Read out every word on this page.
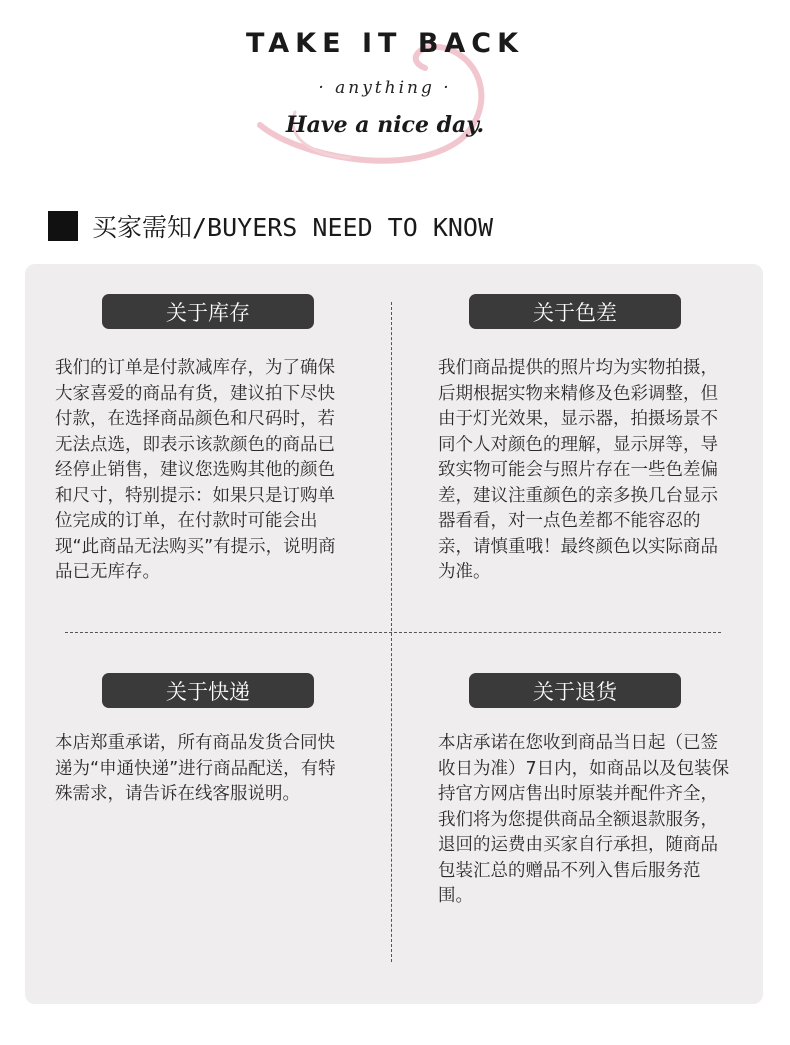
TAKE IT BACK
· anything ·
Have a nice day.
买家需知/BUYERS NEED TO KNOW
关于库存

我们的订单是付款减库存，为了确保大家喜爱的商品有货，建议拍下尽快付款，在选择商品颜色和尺码时，若无法点选，即表示该款颜色的商品已经停止销售，建议您选购其他的颜色和尺寸，特别提示：如果只是订购单位完成的订单，在付款时可能会出现“此商品无法购买”有提示，说明商品已无库存。

关于色差

我们商品提供的照片均为实物拍摄，后期根据实物来精修及色彩调整，但由于灯光效果，显示器，拍摄场景不同个人对颜色的理解，显示屏等，导致实物可能会与照片存在一些色差偏差，建议注重颜色的亲多换几台显示器看看，对一点色差都不能容忍的亲，请慎重哦！最终颜色以实际商品为准。

关于快递

本店郑重承诺，所有商品发货合同快递为“申通快递”进行商品配送，有特殊需求，请告诉在线客服说明。

关于退货

本店承诺在您收到商品当日起（已签收日为准）7日内，如商品以及包装保持官方网店售出时原装并配件齐全，我们将为您提供商品全额退款服务，退回的运费由买家自行承担，随商品包装汇总的赠品不列入售后服务范围。
